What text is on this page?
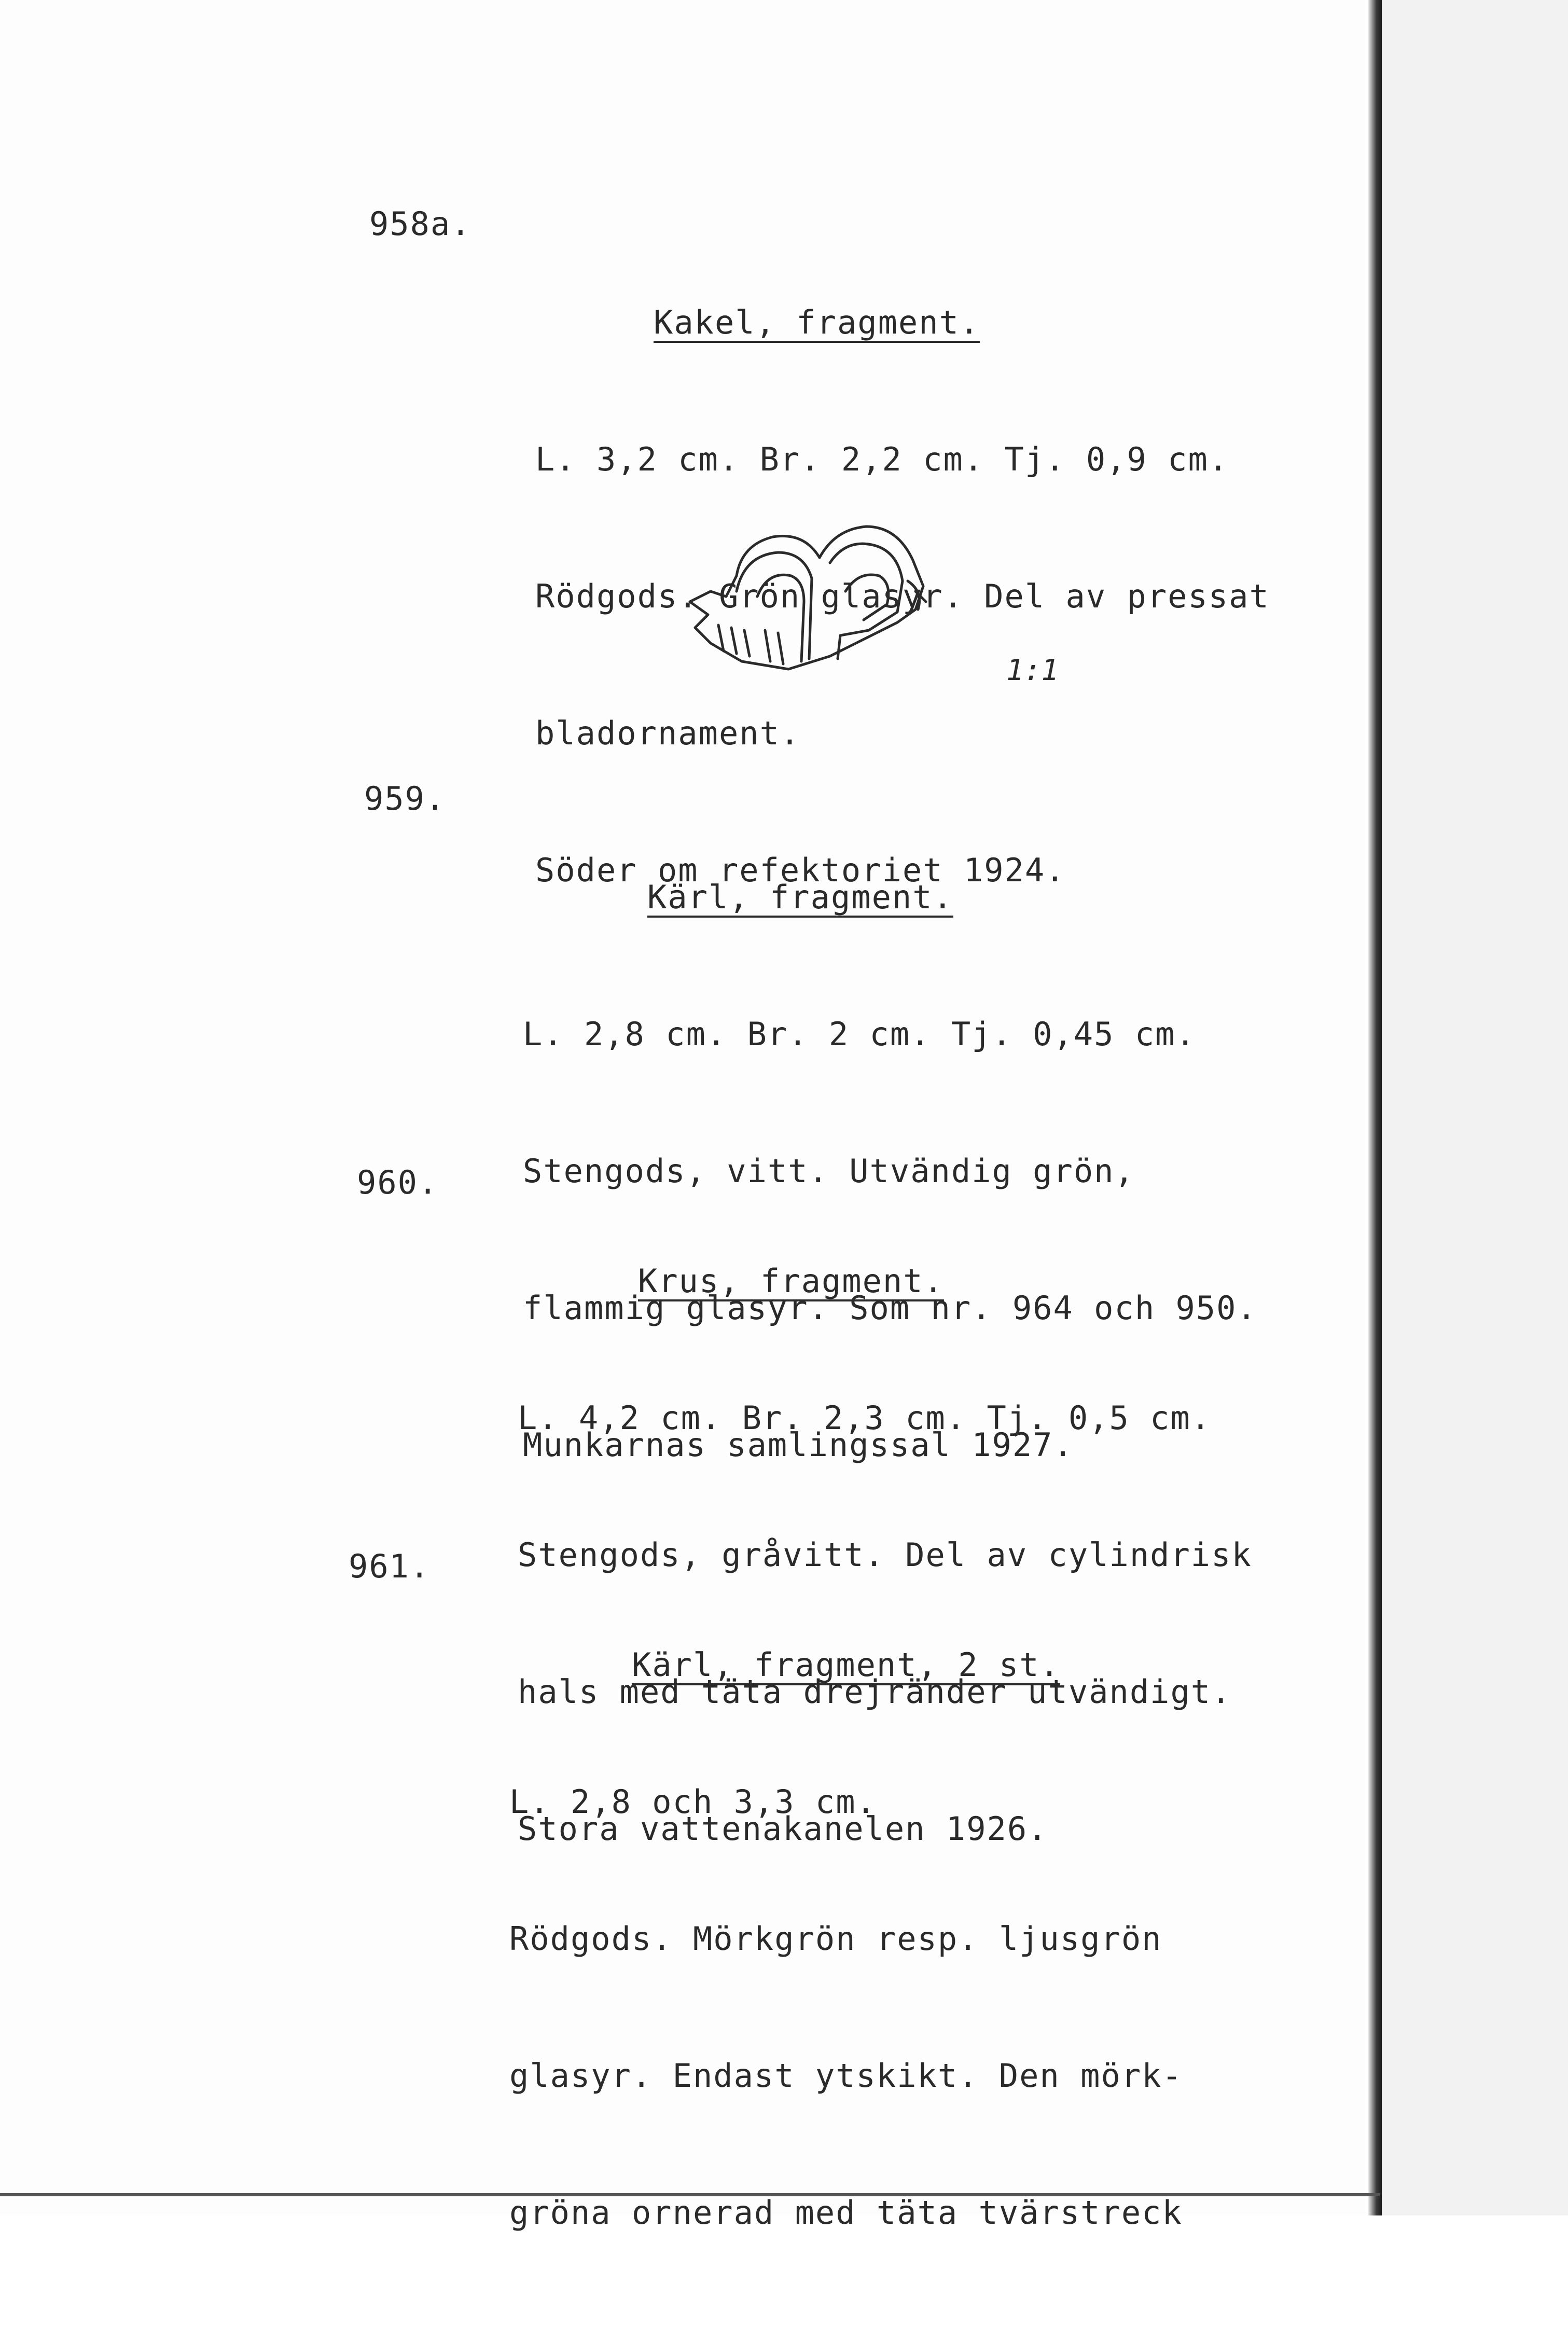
958a.

Kakel, fragment.

L. 3,2 cm. Br. 2,2 cm. Tj. 0,9 cm.

Rödgods. Grön glasyr. Del av pressat

bladornament.

Söder om refektoriet 1924.

1:1
959.

Kärl, fragment.

L. 2,8 cm. Br. 2 cm. Tj. 0,45 cm.

Stengods, vitt. Utvändig grön,

flammig glasyr. Som nr. 964 och 950.

Munkarnas samlingssal 1927.

960.

Krus, fragment.

L. 4,2 cm. Br. 2,3 cm. Tj. 0,5 cm.

Stengods, gråvitt. Del av cylindrisk

hals med täta drejränder utvändigt.

Stora vattenakanelen 1926.

961.

Kärl, fragment, 2 st.

L. 2,8 och 3,3 cm.

Rödgods. Mörkgrön resp. ljusgrön

glasyr. Endast ytskikt. Den mörk-

gröna ornerad med täta tvärstreck
